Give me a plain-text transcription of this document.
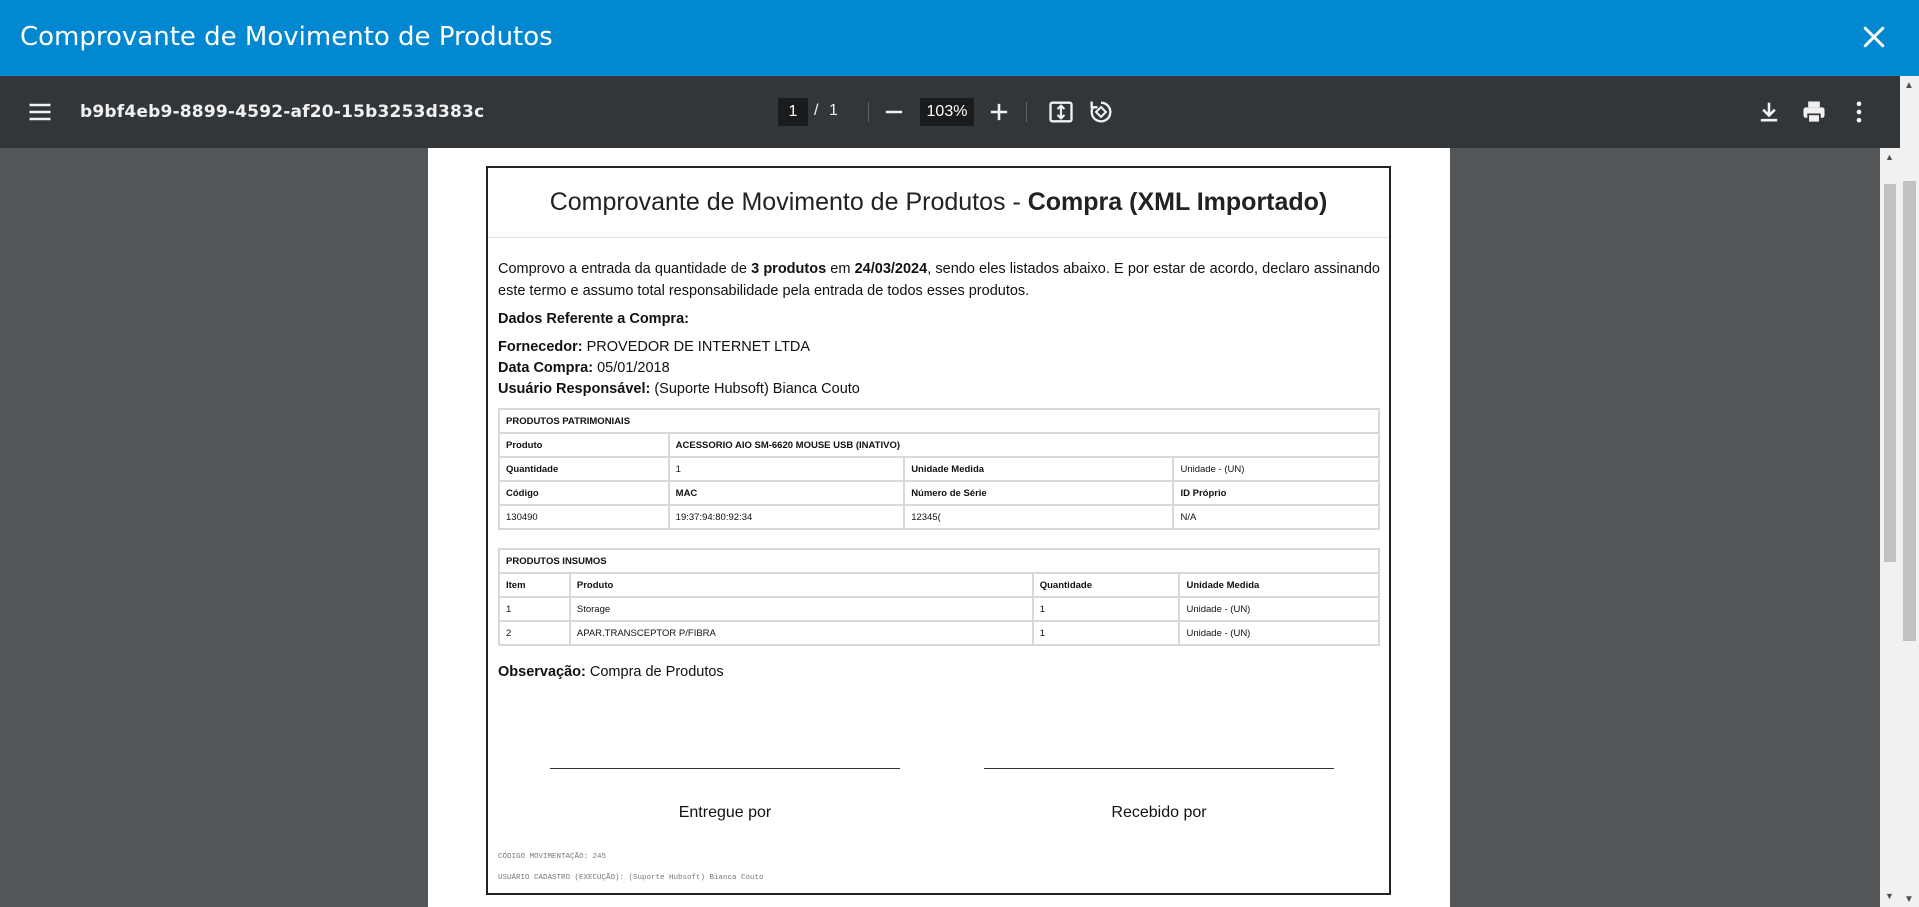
Comprovante de Movimento de Produtos
b9bf4eb9-8899-4592-af20-15b3253d383c	1	/ 1	103%
Comprovante de Movimento de Produtos - Compra (XML Importado)
Comprovo a entrada da quantidade de 3 produtos em 24/03/2024, sendo eles listados abaixo. E por estar de acordo, declaro assinando este termo e assumo total responsabilidade pela entrada de todos esses produtos.
Dados Referente a Compra:
Fornecedor: PROVEDOR DE INTERNET LTDA
Data Compra: 05/01/2018
Usuário Responsável: (Suporte Hubsoft) Bianca Couto
PRODUTOS PATRIMONIAIS			
Produto	ACESSORIO AIO SM-6620 MOUSE USB (INATIVO)		
Quantidade	1	Unidade Medida	Unidade - (UN)
Código	MAC	Número de Série	ID Próprio
130490	19:37:94:80:92:34	12345(	N/A
PRODUTOS INSUMOS			
Item	Produto	Quantidade	Unidade Medida
1	Storage	1	Unidade - (UN)
2	APAR.TRANSCEPTOR P/FIBRA	1	Unidade - (UN)
Observação: Compra de Produtos
Entregue por	Recebido por
CÓDIGO MOVIMENTAÇÃO: 245
USUÁRIO CADASTRO (EXECUÇÃO): (Suporte Hubsoft) Bianca Couto
▲
▼
▲
▼
